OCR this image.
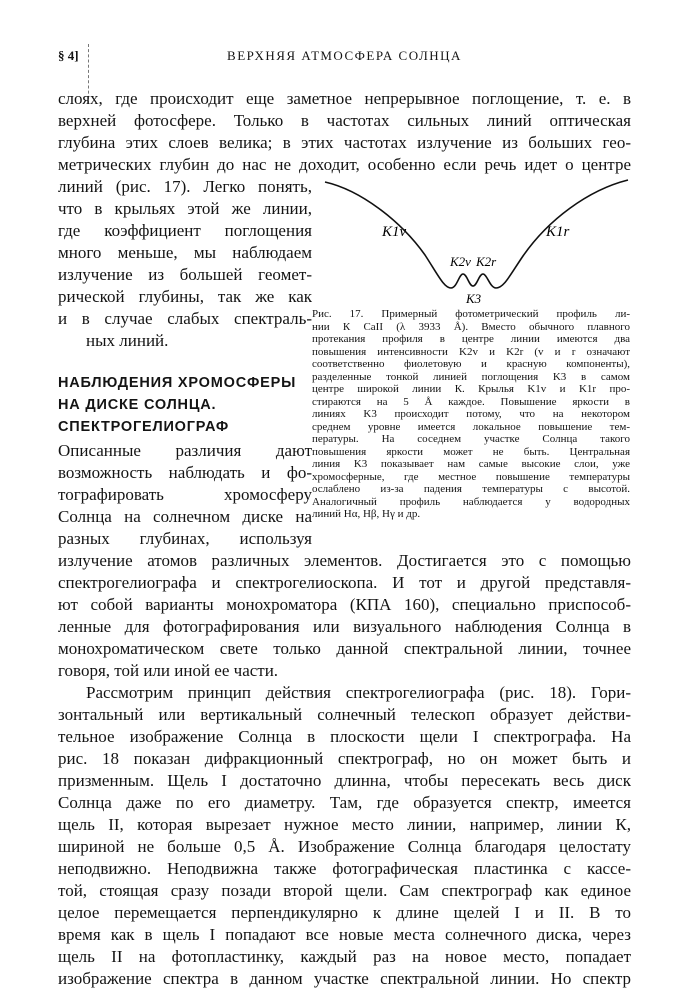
§ 4]	ВЕРХНЯЯ АТМОСФЕРА СОЛНЦА
слоях, где происходит еще заметное непрерывное поглощение, т. е. в
верхней фотосфере. Только в частотах сильных линий оптическая
глубина этих слоев велика; в этих частотах излучение из больших гео-
метрических глубин до нас не доходит, особенно если речь идет о центре
линий (рис. 17). Легко понять,
что в крыльях этой же линии,
где коэффициент поглощения
много меньше, мы наблюдаем
излучение из большей геомет-
рической глубины, так же как
и в случае слабых спектраль-
ных линий.
НАБЛЮДЕНИЯ ХРОМОСФЕРЫ
НА ДИСКЕ СОЛНЦА.
СПЕКТРОГЕЛИОГРАФ
Описанные различия дают
возможность наблюдать и фо-
тографировать хромосферу
Солнца на солнечном диске на
разных глубинах, используя
излучение атомов различных элементов. Достигается это с помощью
спектрогелиографа и спектрогелиоскопа. И тот и другой представля-
ют собой варианты монохроматора (КПА 160), специально приспособ-
ленные для фотографирования или визуального наблюдения Солнца в
монохроматическом свете только данной спектральной линии, точнее
говоря, той или иной ее части.
Рассмотрим принцип действия спектрогелиографа (рис. 18). Гори-
зонтальный или вертикальный солнечный телескоп образует действи-
тельное изображение Солнца в плоскости щели I спектрографа. На
рис. 18 показан дифракционный спектрограф, но он может быть и
призменным. Щель I достаточно длинна, чтобы пересекать весь диск
Солнца даже по его диаметру. Там, где образуется спектр, имеется
щель II, которая вырезает нужное место линии, например, линии К,
шириной не больше 0,5 Å. Изображение Солнца благодаря целостату
неподвижно. Неподвижна также фотографическая пластинка с кассе-
той, стоящая сразу позади второй щели. Сам спектрограф как единое
целое перемещается перпендикулярно к длине щелей I и II. В то
время как в щель I попадают все новые места солнечного диска, через
щель II на фотопластинку, каждый раз на новое место, попадает
изображение спектра в данном участке спектральной линии. Но спектр
K1v
K2v K2r
K1r
K3
Рис. 17. Примерный фотометрический профиль ли-
нии К CaII (λ 3933 Å). Вместо обычного плавного
протекания профиля в центре линии имеются два
повышения интенсивности K2v и K2r (v и r означают
соответственно фиолетовую и красную компоненты),
разделенные тонкой линией поглощения K3 в самом
центре широкой линии К. Крылья K1v и K1r про-
стираются на 5 Å каждое. Повышение яркости в
линиях K3 происходит потому, что на некотором
среднем уровне имеется локальное повышение тем-
пературы. На соседнем участке Солнца такого
повышения яркости может не быть. Центральная
линия K3 показывает нам самые высокие слои, уже
хромосферные, где местное повышение температуры
ослаблено из-за падения температуры с высотой.
Аналогичный профиль наблюдается у водородных
линий Hα, Hβ, Hγ и др.
